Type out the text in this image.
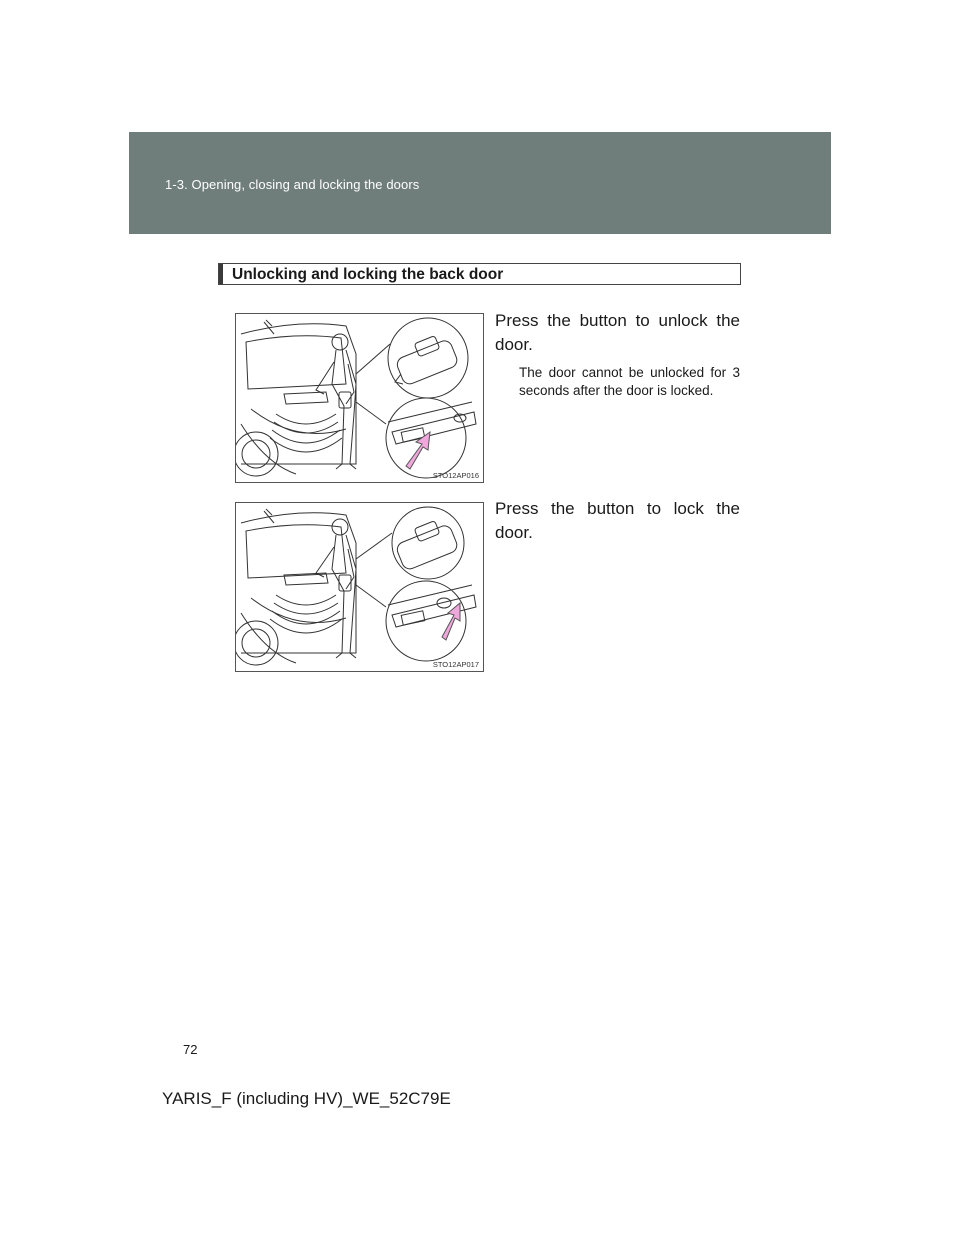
1-3. Opening, closing and locking the doors
Unlocking and locking the back door
STO12AP016
Press the button to unlock the door.
The door cannot be unlocked for 3 seconds after the door is locked.
STO12AP017
Press the button to lock the door.
72
YARIS_F (including HV)_WE_52C79E
